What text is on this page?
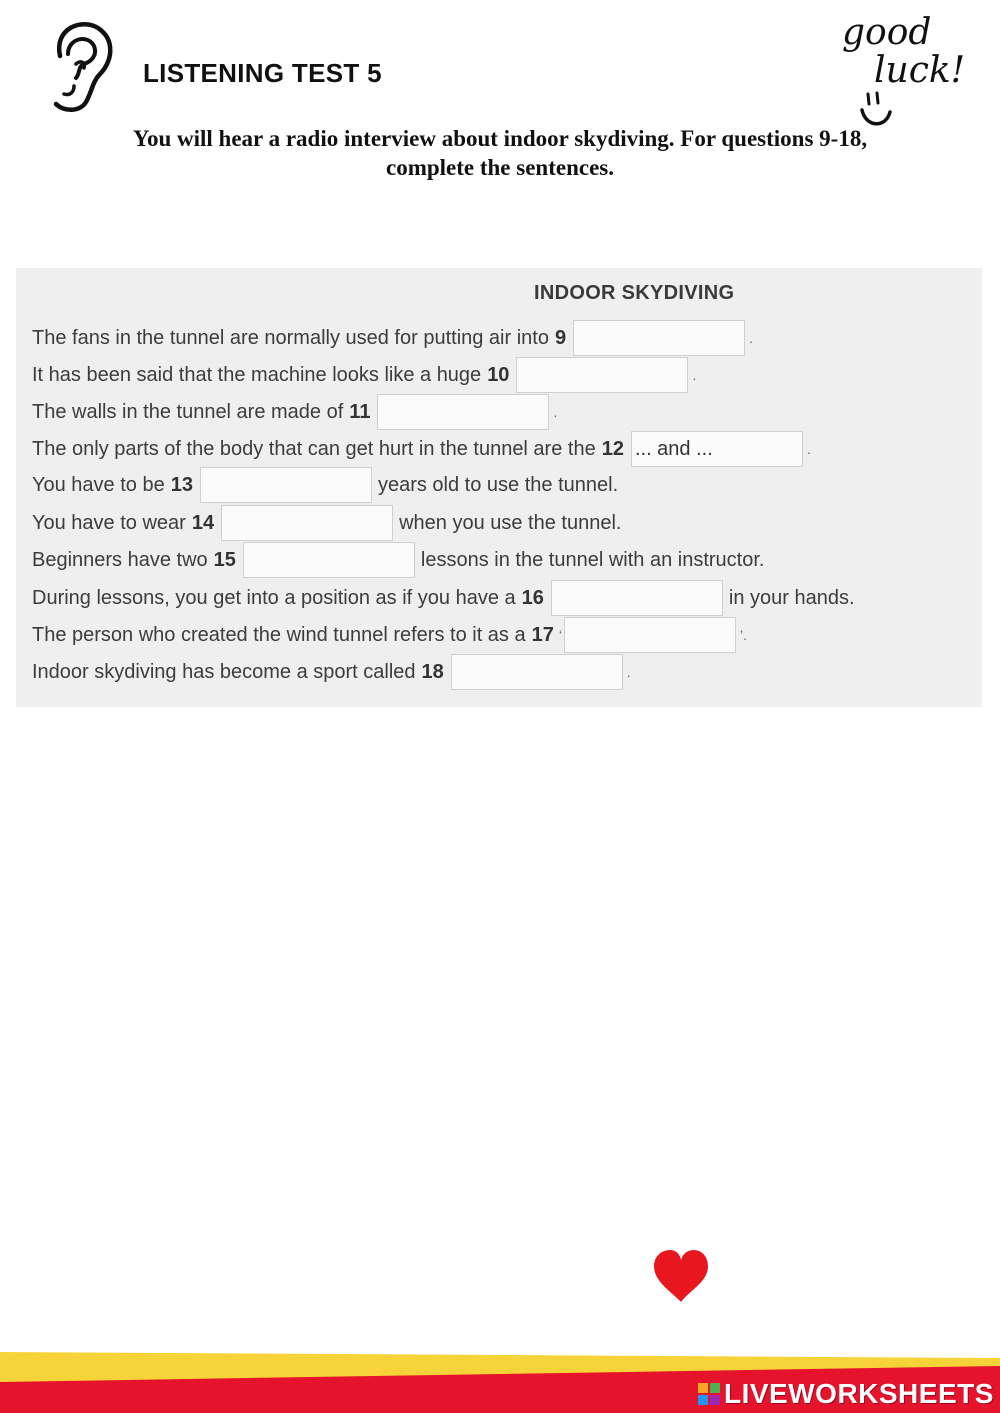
LISTENING TEST 5
You will hear a radio interview about indoor skydiving. For questions 9-18, complete the sentences.
good
luck!
INDOOR SKYDIVING
The fans in the tunnel are normally used for putting air into 9	.
It has been said that the machine looks like a huge 10	.
The walls in the tunnel are made of 11	.
The only parts of the body that can get hurt in the tunnel are the 12
... and ...	.
You have to be 13	years old to use the tunnel.
You have to wear 14	when you use the tunnel.
Beginners have two 15	lessons in the tunnel with an instructor.
During lessons, you get into a position as if you have a 16	in your hands.
The person who created the wind tunnel refers to it as a 17 ‘	’.
Indoor skydiving has become a sport called 18	.
LIVEWORKSHEETS
